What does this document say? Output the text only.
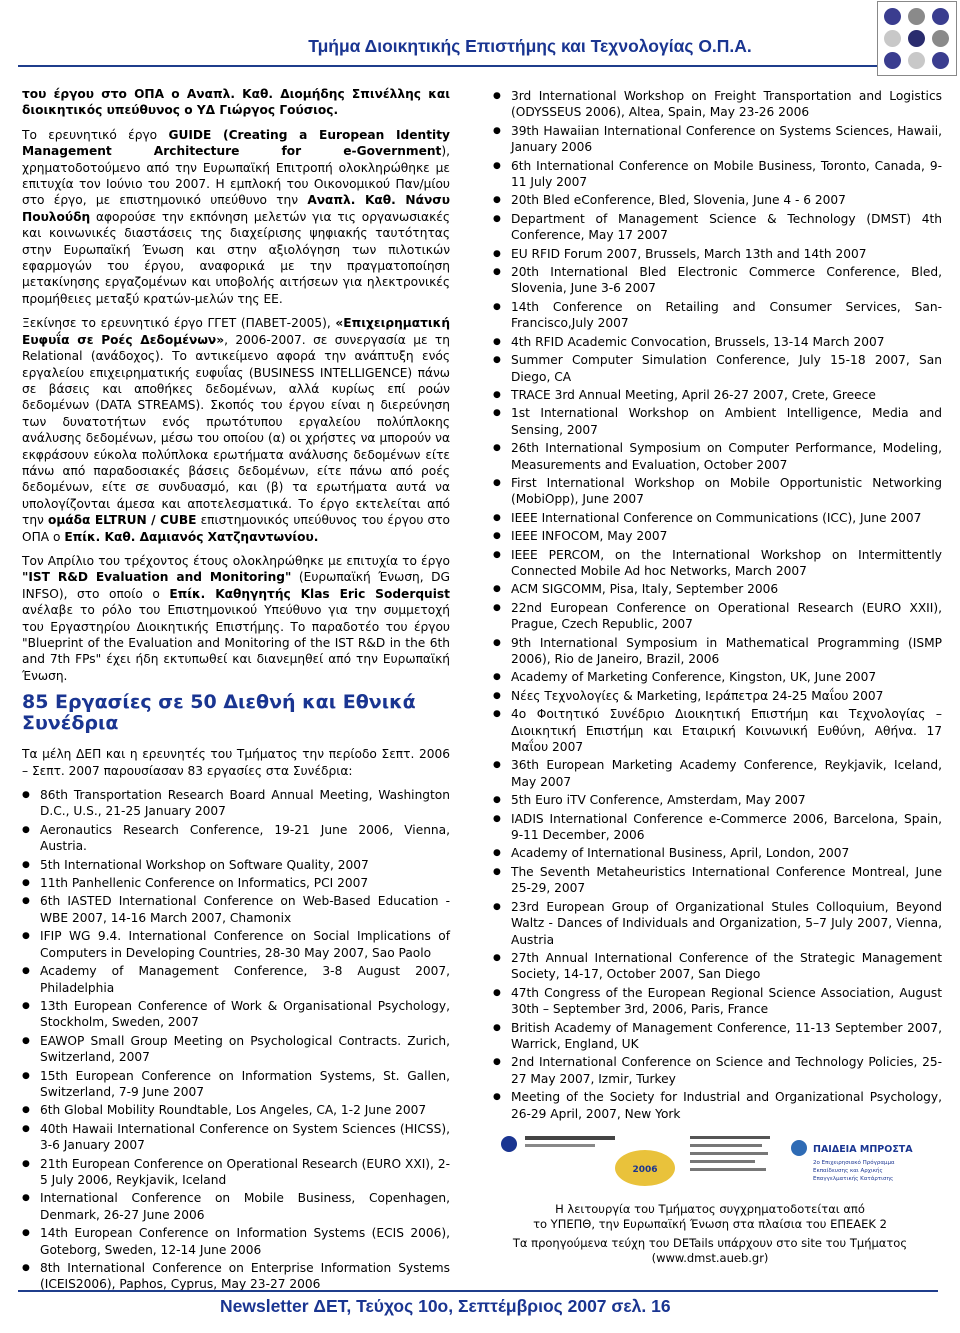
Τμήμα Διοικητικής Επιστήμης και Τεχνολογίας Ο.Π.Α.

του έργου στο ΟΠΑ ο Αναπλ. Καθ. Διομήδης Σπινέλλης και διοικητικός υπεύθυνος ο ΥΔ Γιώργος Γούσιος.

Το ερευνητικό έργο GUIDE (Creating a European Identity Management Architecture for e-Government), χρηματοδοτούμενο από την Ευρωπαϊκή Επιτροπή ολοκληρώθηκε με επιτυχία τον Ιούνιο του 2007. Η εμπλοκή του Οικονομικού Παν/μίου στο έργο, με επιστημονικό υπεύθυνο την Αναπλ. Καθ. Νάνσυ Πουλούδη αφορούσε την εκπόνηση μελετών για τις οργανωσιακές και κοινωνικές διαστάσεις της διαχείρισης ψηφιακής ταυτότητας στην Ευρωπαϊκή Ένωση και στην αξιολόγηση των πιλοτικών εφαρμογών του έργου, αναφορικά με την πραγματοποίηση μετακίνησης εργαζομένων και υποβολής αιτήσεων για ηλεκτρονικές προμήθειες μεταξύ κρατών-μελών της ΕΕ.

Ξεκίνησε το ερευνητικό έργο ΓΓΕΤ (ΠΑΒΕΤ-2005), «Επιχειρηματική Ευφυΐα σε Ροές Δεδομένων», 2006-2007. σε συνεργασία με τη Relational (ανάδοχος). Το αντικείμενο αφορά την ανάπτυξη ενός εργαλείου επιχειρηματικής ευφυΐας (BUSINESS INTELLIGENCE) πάνω σε βάσεις και αποθήκες δεδομένων, αλλά κυρίως επί ροών δεδομένων (DATA STREAMS). Σκοπός του έργου είναι η διερεύνηση των δυνατοτήτων ενός πρωτότυπου εργαλείου πολύπλοκης ανάλυσης δεδομένων, μέσω του οποίου (α) οι χρήστες να μπορούν να εκφράσουν εύκολα πολύπλοκα ερωτήματα ανάλυσης δεδομένων είτε πάνω από παραδοσιακές βάσεις δεδομένων, είτε πάνω από ροές δεδομένων, είτε σε συνδυασμό, και (β) τα ερωτήματα αυτά να υπολογίζονται άμεσα και αποτελεσματικά. Το έργο εκτελείται από την ομάδα ELTRUN / CUBE επιστημονικός υπεύθυνος του έργου στο ΟΠΑ ο Επίκ. Καθ. Δαμιανός Χατζηαντωνίου.

Τον Απρίλιο του τρέχοντος έτους ολοκληρώθηκε με επιτυχία το έργο "IST R&D Evaluation and Monitoring" (Ευρωπαϊκή Ένωση, DG INFSO), στο οποίο ο Επίκ. Καθηγητής Klas Eric Soderquist ανέλαβε το ρόλο του Επιστημονικού Υπεύθυνο για την συμμετοχή του Εργαστηρίου Διοικητικής Επιστήμης. Το παραδοτέο του έργου "Blueprint of the Evaluation and Monitoring of the IST R&D in the 6th and 7th FPs" έχει ήδη εκτυπωθεί και διανεμηθεί από την Ευρωπαϊκή Ένωση.

85 Εργασίες σε 50 Διεθνή και Εθνικά Συνέδρια

Τα μέλη ΔΕΠ και η ερευνητές του Τμήματος την περίοδο Σεπτ. 2006 – Σεπτ. 2007 παρουσίασαν 83 εργασίες στα Συνέδρια:

● 86th Transportation Research Board Annual Meeting, Washington D.C., U.S., 21-25 January 2007
● Aeronautics Research Conference, 19-21 June 2006, Vienna, Austria.
● 5th International Workshop on Software Quality, 2007
● 11th Panhellenic Conference on Informatics, PCI 2007
● 6th IASTED International Conference on Web-Based Education - WBE 2007, 14-16 March 2007, Chamonix
● IFIP WG 9.4. International Conference on Social Implications of Computers in Developing Countries, 28-30 May 2007, Sao Paolo
● Academy of Management Conference, 3-8 August 2007, Philadelphia
● 13th European Conference of Work & Organisational Psychology, Stockholm, Sweden, 2007
● EAWOP Small Group Meeting on Psychological Contracts. Zurich, Switzerland, 2007
● 15th European Conference on Information Systems, St. Gallen, Switzerland, 7-9 June 2007
● 6th Global Mobility Roundtable, Los Angeles, CA, 1-2 June 2007
● 40th Hawaii International Conference on System Sciences (HICSS), 3-6 January 2007
● 21th European Conference on Operational Research (EURO XXI), 2-5 July 2006, Reykjavik, Iceland
● International Conference on Mobile Business, Copenhagen, Denmark, 26-27 June 2006
● 14th European Conference on Information Systems (ECIS 2006), Goteborg, Sweden, 12-14 June 2006
● 8th International Conference on Enterprise Information Systems (ICEIS2006), Paphos, Cyprus, May 23-27 2006
● 3rd International Workshop on Freight Transportation and Logistics (ODYSSEUS 2006), Altea, Spain, May 23-26 2006
● 39th Hawaiian International Conference on Systems Sciences, Hawaii, January 2006
● 6th International Conference on Mobile Business, Toronto, Canada, 9-11 July 2007
● 20th Bled eConference, Bled, Slovenia, June 4 - 6 2007
● Department of Management Science & Technology (DMST) 4th Conference, May 17 2007
● EU RFID Forum 2007, Brussels, March 13th and 14th 2007
● 20th International Bled Electronic Commerce Conference, Bled, Slovenia, June 3-6 2007
● 14th Conference on Retailing and Consumer Services, San-Francisco,July 2007
● 4th RFID Academic Convocation, Brussels, 13-14 March 2007
● Summer Computer Simulation Conference, July 15-18 2007, San Diego, CA
● TRACE 3rd Annual Meeting, April 26-27 2007, Crete, Greece
● 1st International Workshop on Ambient Intelligence, Media and Sensing, 2007
● 26th International Symposium on Computer Performance, Modeling, Measurements and Evaluation, October 2007
● First International Workshop on Mobile Opportunistic Networking (MobiOpp), June 2007
● IEEE International Conference on Communications (ICC), June 2007
● IEEE INFOCOM, May 2007
● IEEE PERCOM, on the International Workshop on Intermittently Connected Mobile Ad hoc Networks, March 2007
● ACM SIGCOMM, Pisa, Italy, September 2006
● 22nd European Conference on Operational Research (EURO XXII), Prague, Czech Republic, 2007
● 9th International Symposium in Mathematical Programming (ISMP 2006), Rio de Janeiro, Brazil, 2006
● Academy of Marketing Conference, Kingston, UK, June 2007
● Νέες Τεχνολογίες & Marketing, Ιεράπετρα 24-25 Μαΐου 2007
● 4ο Φοιτητικό Συνέδριο Διοικητική Επιστήμη και Τεχνολογίας – Διοικητική Επιστήμη και Εταιρική Κοινωνική Ευθύνη, Αθήνα. 17 Μαΐου 2007
● 36th European Marketing Academy Conference, Reykjavik, Iceland, May 2007
● 5th Euro iTV Conference, Amsterdam, May 2007
● IADIS International Conference e-Commerce 2006, Barcelona, Spain, 9-11 December, 2006
● Academy of International Business, April, London, 2007
● The Seventh Metaheuristics International Conference Montreal, June 25-29, 2007
● 23rd European Group of Organizational Stules Colloquium, Beyond Waltz - Dances of Individuals and Organization, 5–7 July 2007, Vienna, Austria
● 27th Annual International Conference of the Strategic Management Society, 14-17, October 2007, San Diego
● 47th Congress of the European Regional Science Association, August 30th – September 3rd, 2006, Paris, France
● British Academy of Management Conference, 11-13 September 2007, Warrick, England, UK
● 2nd International Conference on Science and Technology Policies, 25-27 May 2007, Izmir, Turkey
● Meeting of the Society for Industrial and Organizational Psychology, 26-29 April, 2007, New York
2006
ΠΑΙΔΕΙΑ ΜΠΡΟΣΤΑ
2ο Επιχειρησιακό Πρόγραμμα
Εκπαίδευσης και Αρχικής
Επαγγελματικής Κατάρτισης
Η λειτουργία του Τμήματος συγχρηματοδοτείται από
το ΥΠΕΠΘ, την Ευρωπαϊκή Ένωση στα πλαίσια του ΕΠΕΑΕΚ 2
Τα προηγούμενα τεύχη του DETails υπάρχουν στο site του Τμήματος
(www.dmst.aueb.gr)
Newsletter ΔΕΤ, Τεύχος 10ο, Σεπτέμβριος 2007 σελ. 16
